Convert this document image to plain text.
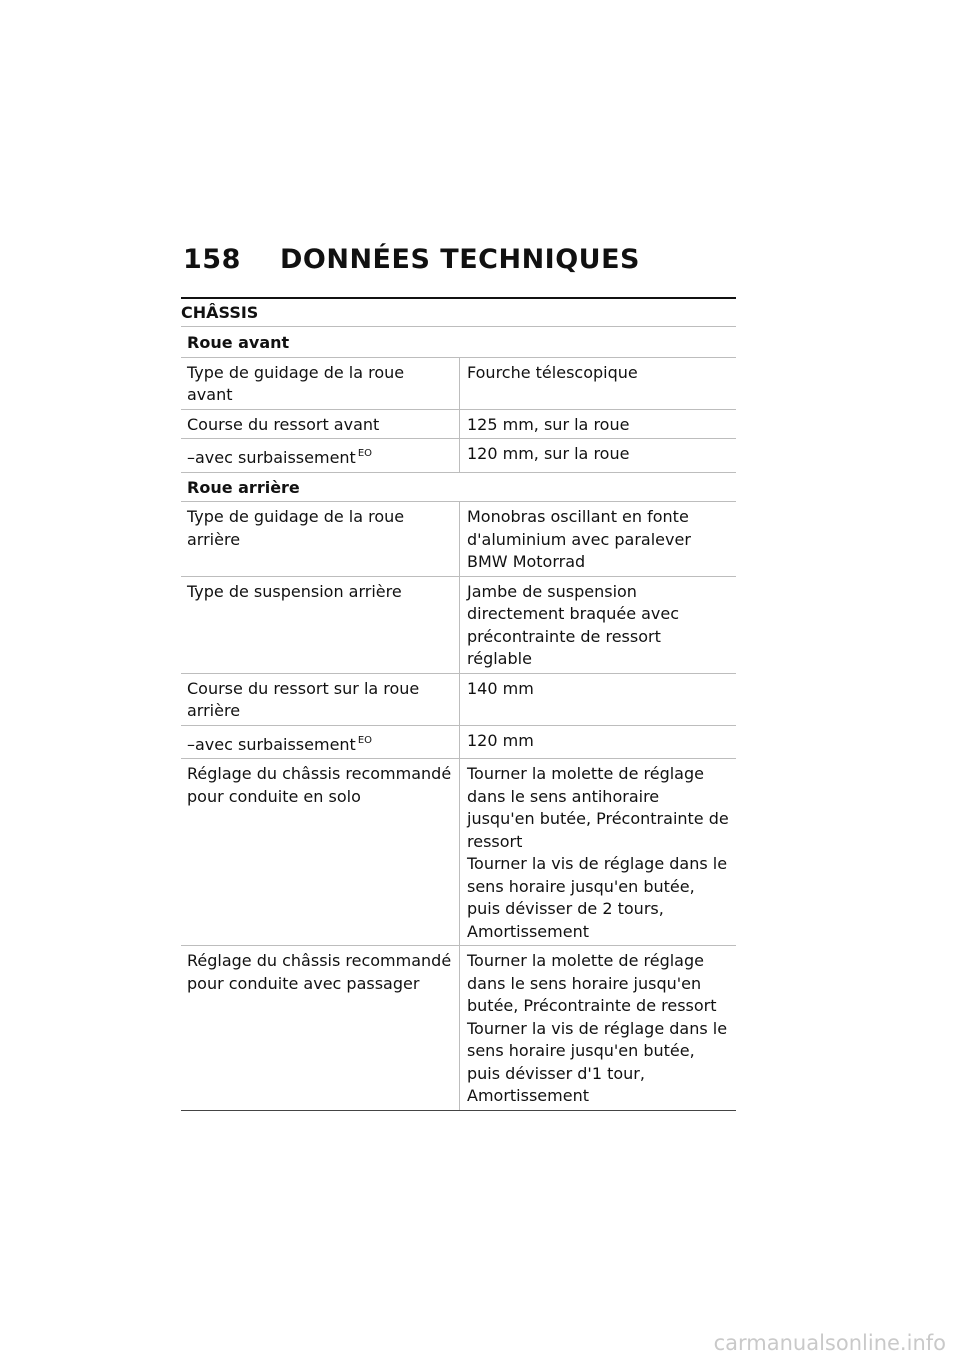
158 DONNÉES TECHNIQUES
CHÂSSIS
Roue avant	
Type de guidage de la roue avant	Fourche télescopique
Course du ressort avant	125 mm, sur la roue
–avec surbaissement $^{EO}$	120 mm, sur la roue
Roue arrière	
Type de guidage de la roue arrière	Monobras oscillant en fonte d'aluminium avec paralever BMW Motorrad
Type de suspension arrière	Jambe de suspension directement braquée avec précontrainte de ressort réglable
Course du ressort sur la roue arrière	140 mm
–avec surbaissement $^{EO}$	120 mm
Réglage du châssis recommandé pour conduite en solo	Tourner la molette de réglage dans le sens antihoraire jusqu'en butée, Précontrainte de ressort
Tourner la vis de réglage dans le sens horaire jusqu'en butée, puis dévisser de 2 tours, Amortissement

Réglage du châssis recommandé pour conduite avec passager	Tourner la molette de réglage dans le sens horaire jusqu'en butée, Précontrainte de ressort
Tourner la vis de réglage dans le sens horaire jusqu'en butée, puis dévisser d'1 tour, Amortissement
carmanualsonline.info
